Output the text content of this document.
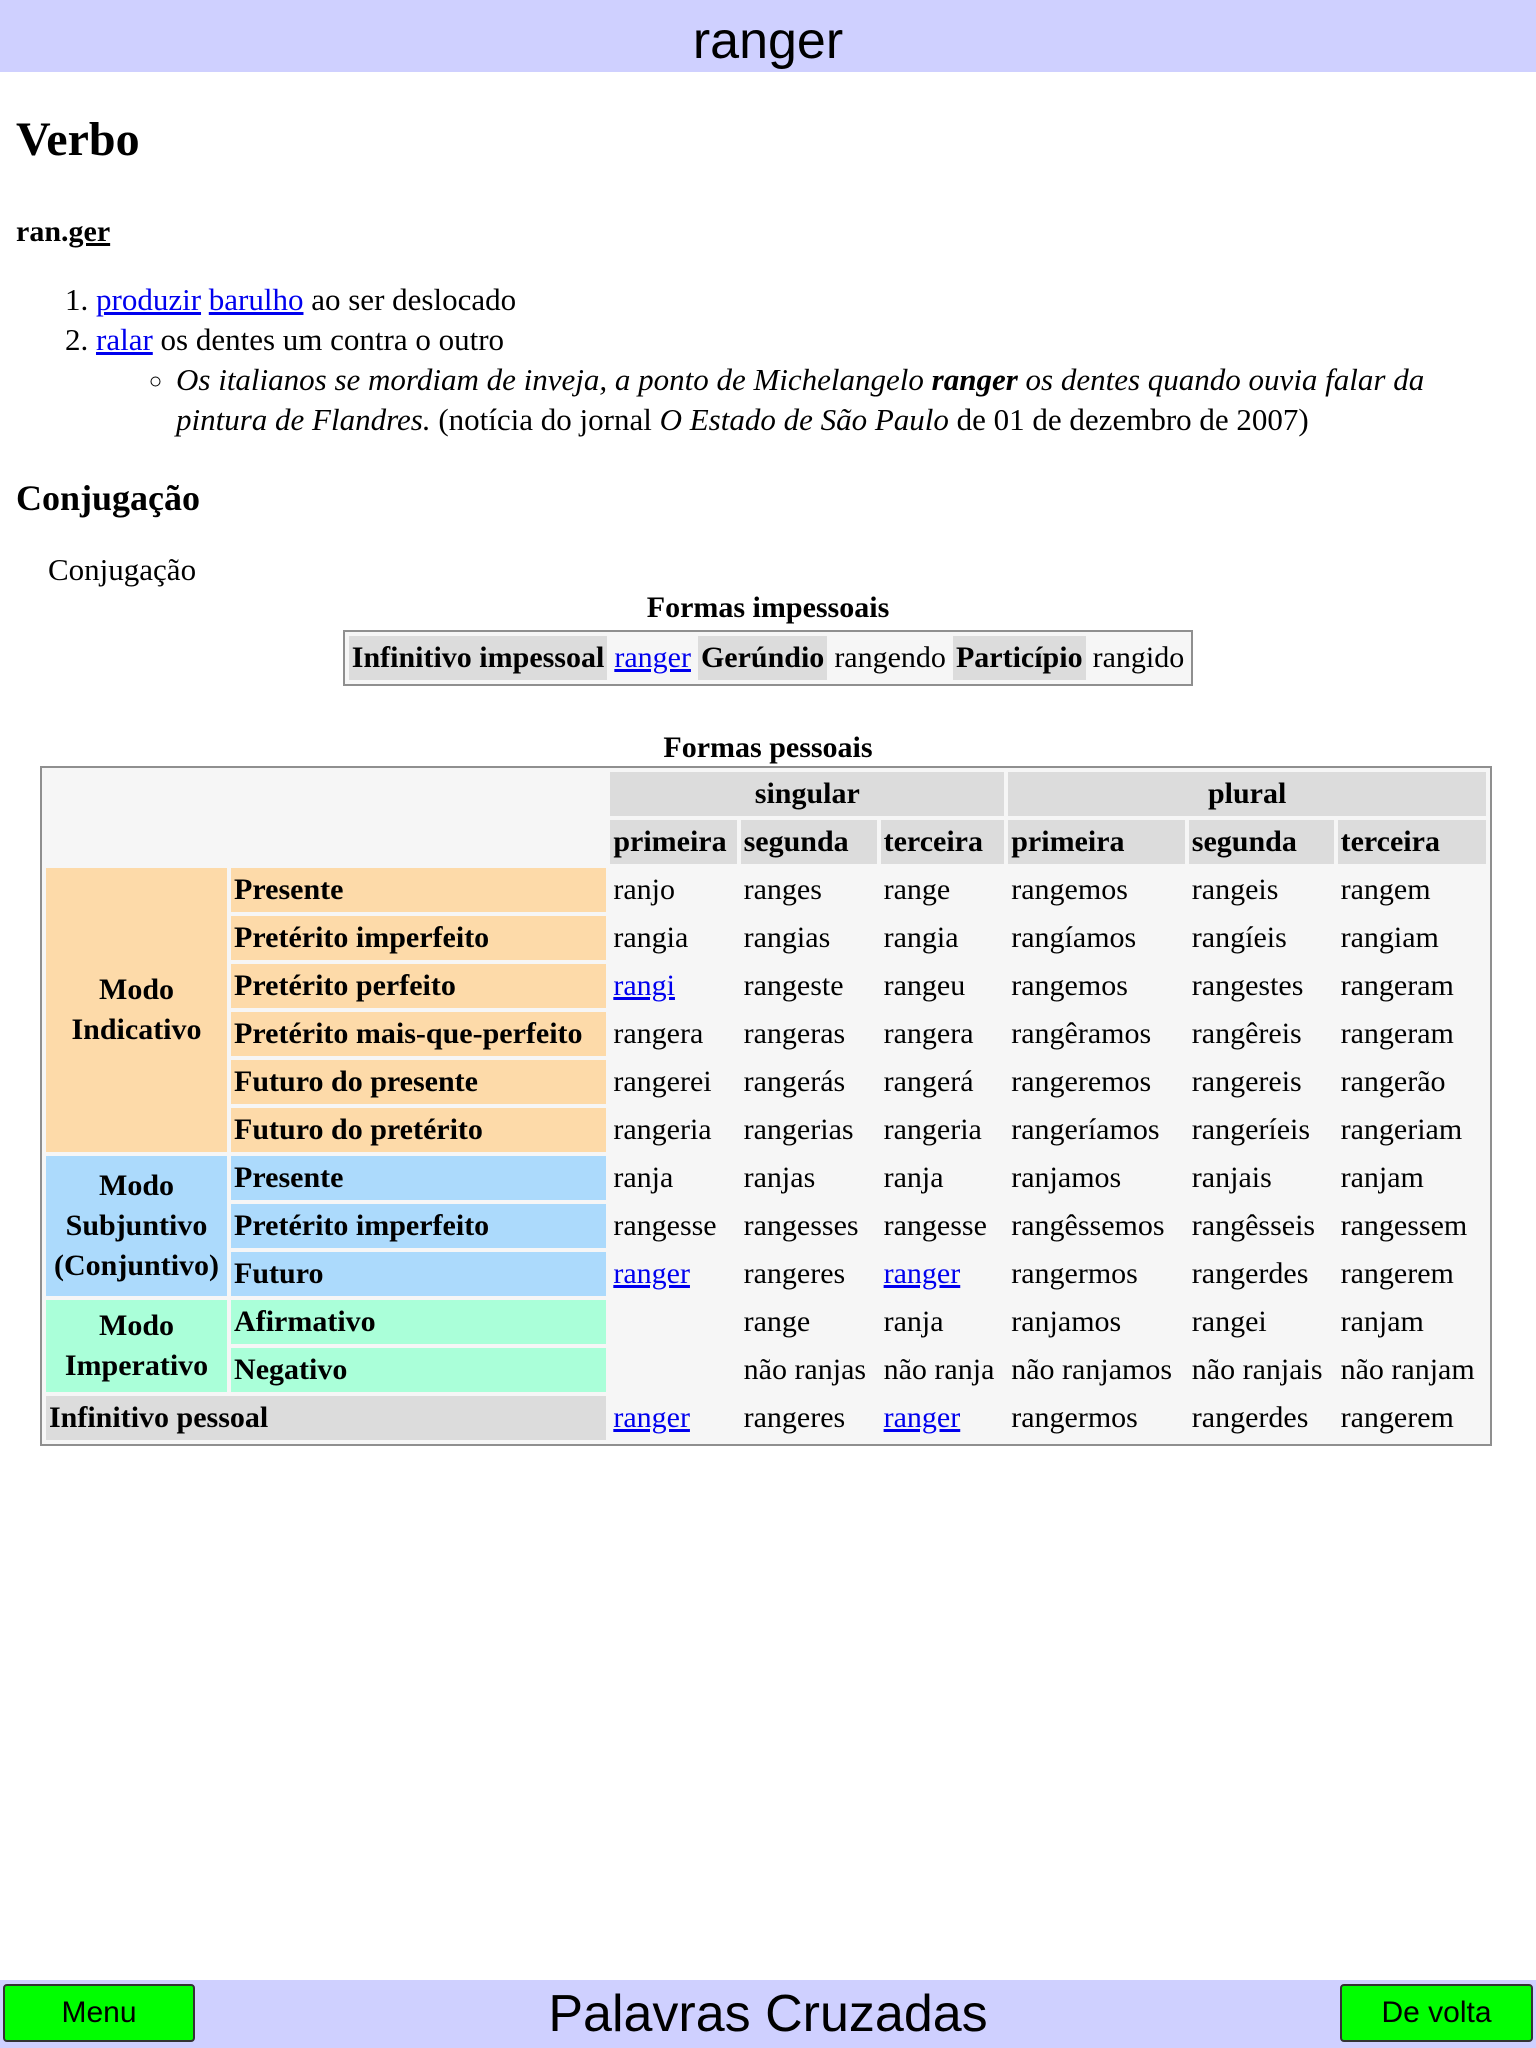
ranger
Verbo

ran.ger

1. produzir barulho ao ser deslocado
2. ralar os dentes um contra o outro
◦ Os italianos se mordiam de inveja, a ponto de Michelangelo ranger os dentes quando ouvia falar da pintura de Flandres. (notícia do jornal O Estado de São Paulo de 01 de dezembro de 2007)
Conjugação
Conjugação
Formas impessoais
Infinitivo impessoal	ranger	Gerúndio	rangendo	Particípio	rangido
Formas pessoais
		singular			plural		
		primeira	segunda	terceira	primeira	segunda	terceira
Modo
Indicativo	Presente	ranjo	ranges	range	rangemos	rangeis	rangem
	Pretérito imperfeito	rangia	rangias	rangia	rangíamos	rangíeis	rangiam
	Pretérito perfeito	rangi	rangeste	rangeu	rangemos	rangestes	rangeram
	Pretérito mais-que-perfeito	rangera	rangeras	rangera	rangêramos	rangêreis	rangeram
	Futuro do presente	rangerei	rangerás	rangerá	rangeremos	rangereis	rangerão
	Futuro do pretérito	rangeria	rangerias	rangeria	rangeríamos	rangeríeis	rangeriam
Modo
Subjuntivo
(Conjuntivo)	Presente	ranja	ranjas	ranja	ranjamos	ranjais	ranjam
	Pretérito imperfeito	rangesse	rangesses	rangesse	rangêssemos	rangêsseis	rangessem
	Futuro	ranger	rangeres	ranger	rangermos	rangerdes	rangerem
Modo
Imperativo	Afirmativo		range	ranja	ranjamos	rangei	ranjam
	Negativo		não ranjas	não ranja	não ranjamos	não ranjais	não ranjam
Infinitivo pessoal		ranger	rangeres	ranger	rangermos	rangerdes	rangerem
Palavras Cruzadas
Menu	De volta
